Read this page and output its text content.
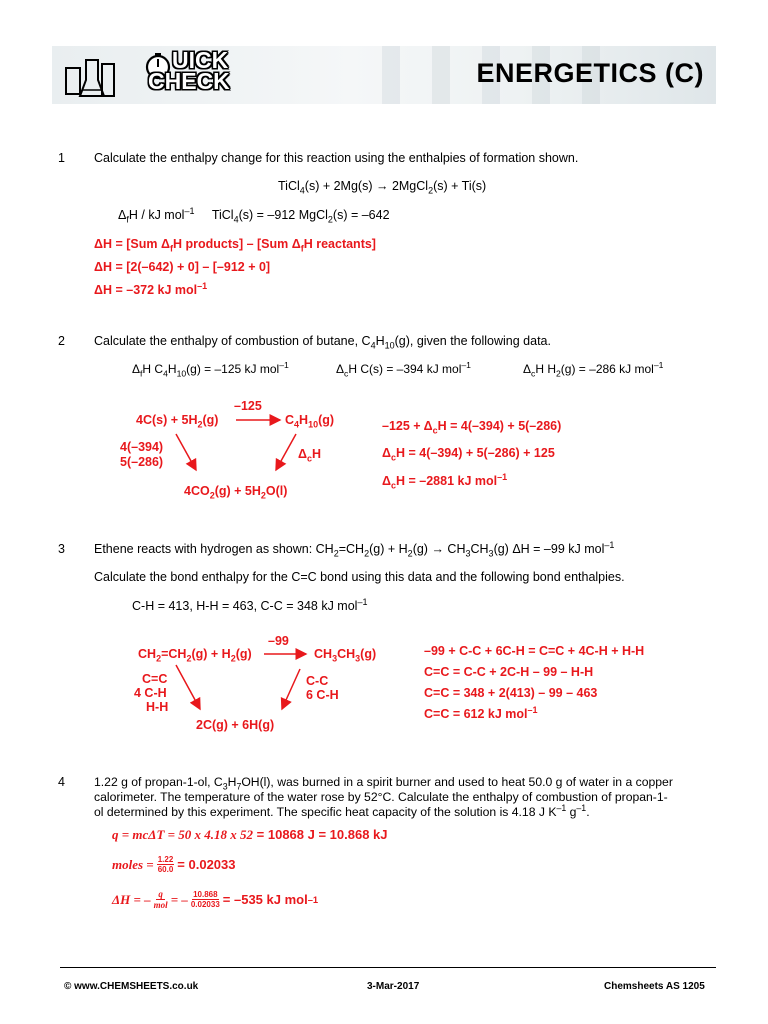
UICK
CHECK	ENERGETICS (C)
1 Calculate the enthalpy change for this reaction using the enthalpies of formation shown.
TiCl$_4$(s) + 2Mg(s) → 2MgCl$_2$(s) + Ti(s)
$\Delta_fH$ / kJ mol$^{-1}$ TiCl$_4$(s) = –912 MgCl$_2$(s) = –642
ΔH = [Sum $\Delta_fH$ products] – [Sum $\Delta_fH$ reactants]
ΔH = [2(–642) + 0] – [–912 + 0]
ΔH = –372 kJ mol$^{-1}$
2 Calculate the enthalpy of combustion of butane, $C_4H_{10}(g)$, given the following data.
$\Delta_fH$ $C_4H_{10}(g) = -125$ kJ mol$^{-1}$	$\Delta_cH$ C(s) = –394 kJ mol$^{-1}$	$\Delta_cH$ $H_2(g) = -286$ kJ mol$^{-1}$
–125
$4C(s) + 5H_2(g)$	$C_4H_{10}(g)$
4(–394)
5(–286)
$\Delta_cH$
$4CO_2(g) + 5H_2O(l)$
$-125 + \Delta_cH = 4(-394) + 5(-286)$
$\Delta_cH = 4(-394) + 5(-286) + 125$
$\Delta_cH = -2881$ kJ mol$^{-1}$
3 Ethene reacts with hydrogen as shown: $CH_2=CH_2(g) + H_2(g) \to CH_3CH_3(g) \Delta H = -99$ kJ mol$^{-1}$
Calculate the bond enthalpy for the C=C bond using this data and the following bond enthalpies.
C-H = 413, H-H = 463, C-C = 348 kJ mol$^{-1}$
–99
$CH_2=CH_2(g) + H_2(g)$	$CH_3CH_3(g)$
C=C
4 C-H
H-H
C-C
6 C-H
2C(g) + 6H(g)
–99 + C-C + 6C-H = C=C + 4C-H + H-H
C=C = C-C + 2C-H – 99 – H-H
C=C = 348 + 2(413) – 99 – 463
C=C = 612 kJ mol$^{-1}$
4 1.22 g of propan-1-ol, $C_3H_7OH(l)$, was burned in a spirit burner and used to heat 50.0 g of water in a copper
calorimeter. The temperature of the water rose by 52°C. Calculate the enthalpy of combustion of propan-1-
ol determined by this experiment. The specific heat capacity of the solution is 4.18 J $K^{-1}$ $g^{-1}$.
q = mcΔT = 50 x 4.18 x 52 = 10868 J = 10.868 kJ
moles = $\frac{1.22}{60.0} = 0.02033$
ΔH = – q
mol = – $\frac{10.868}{0.02033} = -535$ kJ mol –1
© www.CHEMSHEETS.co.uk	3-Mar-2017	Chemsheets AS 1205
